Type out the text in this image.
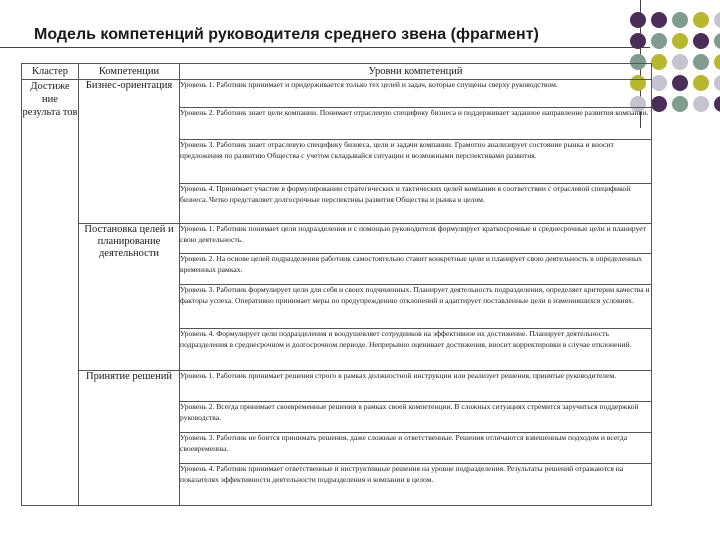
Модель компетенций руководителя среднего звена (фрагмент)
Кластер	Компетенции	Уровни компетенций
Достиже ние результа тов	Бизнес-ориентация	Уровень 1. Работник принимает и придерживается только тех целей и задач, которые спущены сверху руководством.
		Уровень 2. Работник знает цели компании. Понимает отраслевую специфику бизнеса и поддерживает заданное направление развития компании.
		Уровень 3. Работник знает отраслевую специфику бизнеса, цели и задачи компании. Грамотно анализирует состояние рынка и вносит предложения по развитию Общества с учетом складывайся ситуации и возможными перспективами развития.
		Уровень 4. Принимает участие в формулировании стратегических и тактических целей компании в соответствии с отраслевой спецификой бизнеса. Четко представляет долгосрочные перспективы развития Общества и рынка в целом.
	Постановка целей и планирование деятельности	Уровень 1. Работник понимает цели подразделения и с помощью руководителя формулирует краткосрочные и среднесрочные цели и планирует свою деятельность.
		Уровень 2. На основе целей подразделения работник самостоятельно ставит конкретные цели и планирует свою деятельность в определенных временных рамках.
		Уровень 3. Работник формулирует цели для себя и своих подчиненных. Планирует деятельность подразделения, определяет критерии качества и факторы успеха. Оперативно принимает меры по предупреждению отклонений и адаптирует поставленные цели в изменившихся условиях.
		Уровень 4. Формулирует цели подразделения и воодушевляет сотрудников на эффективное их достижение. Планирует деятельность подразделения в среднесрочном и долгосрочном периоде. Непрерывно оценивает достижения, вносит корректировки в случае отклонений.
	Принятие решений	Уровень 1. Работник принимает решения строго в рамках должностной инструкции или реализует решения, принятые руководителем.
		Уровень 2. Всегда принимает своевременные решения в рамках своей компетенции. В сложных ситуациях стремится заручиться поддержкой руководства.
		Уровень 3. Работник не боится принимать решения, даже сложные и ответственные. Решения отличаются взвешенным подходом и всегда своевременны.
		Уровень 4. Работник принимает ответственные и инструктивные решения на уровне подразделения. Результаты решений отражаются на показателях эффективности деятельности подразделения и компании в целом.
